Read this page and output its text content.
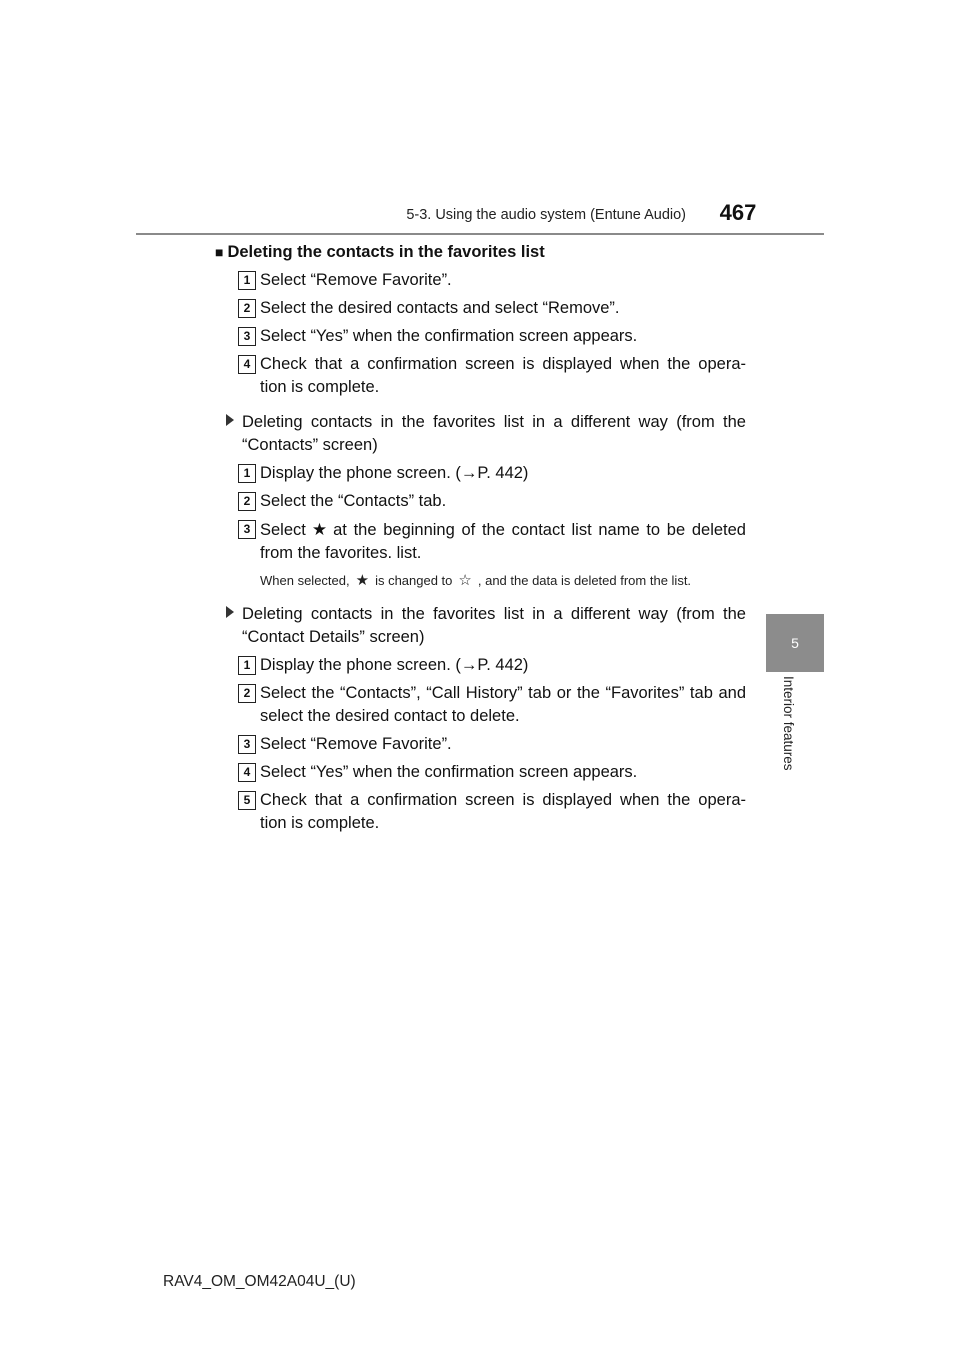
5-3. Using the audio system (Entune Audio)	467
5
Interior features
■ Deleting the contacts in the favorites list
1 Select “Remove Favorite”.
2 Select the desired contacts and select “Remove”.
3 Select “Yes” when the confirmation screen appears.
4 Check that a confirmation screen is displayed when the opera- tion is complete.
Deleting contacts in the favorites list in a different way (from the “Contacts” screen)
1 Display the phone screen. (→P. 442)
2 Select the “Contacts” tab.
3 Select ★ at the beginning of the contact list name to be deleted from the favorites. list.
When selected, ★ is changed to ☆ , and the data is deleted from the list.
Deleting contacts in the favorites list in a different way (from the “Contact Details” screen)
1 Display the phone screen. (→P. 442)
2 Select the “Contacts”, “Call History” tab or the “Favorites” tab and select the desired contact to delete.
3 Select “Remove Favorite”.
4 Select “Yes” when the confirmation screen appears.
5 Check that a confirmation screen is displayed when the opera- tion is complete.
RAV4_OM_OM42A04U_(U)
